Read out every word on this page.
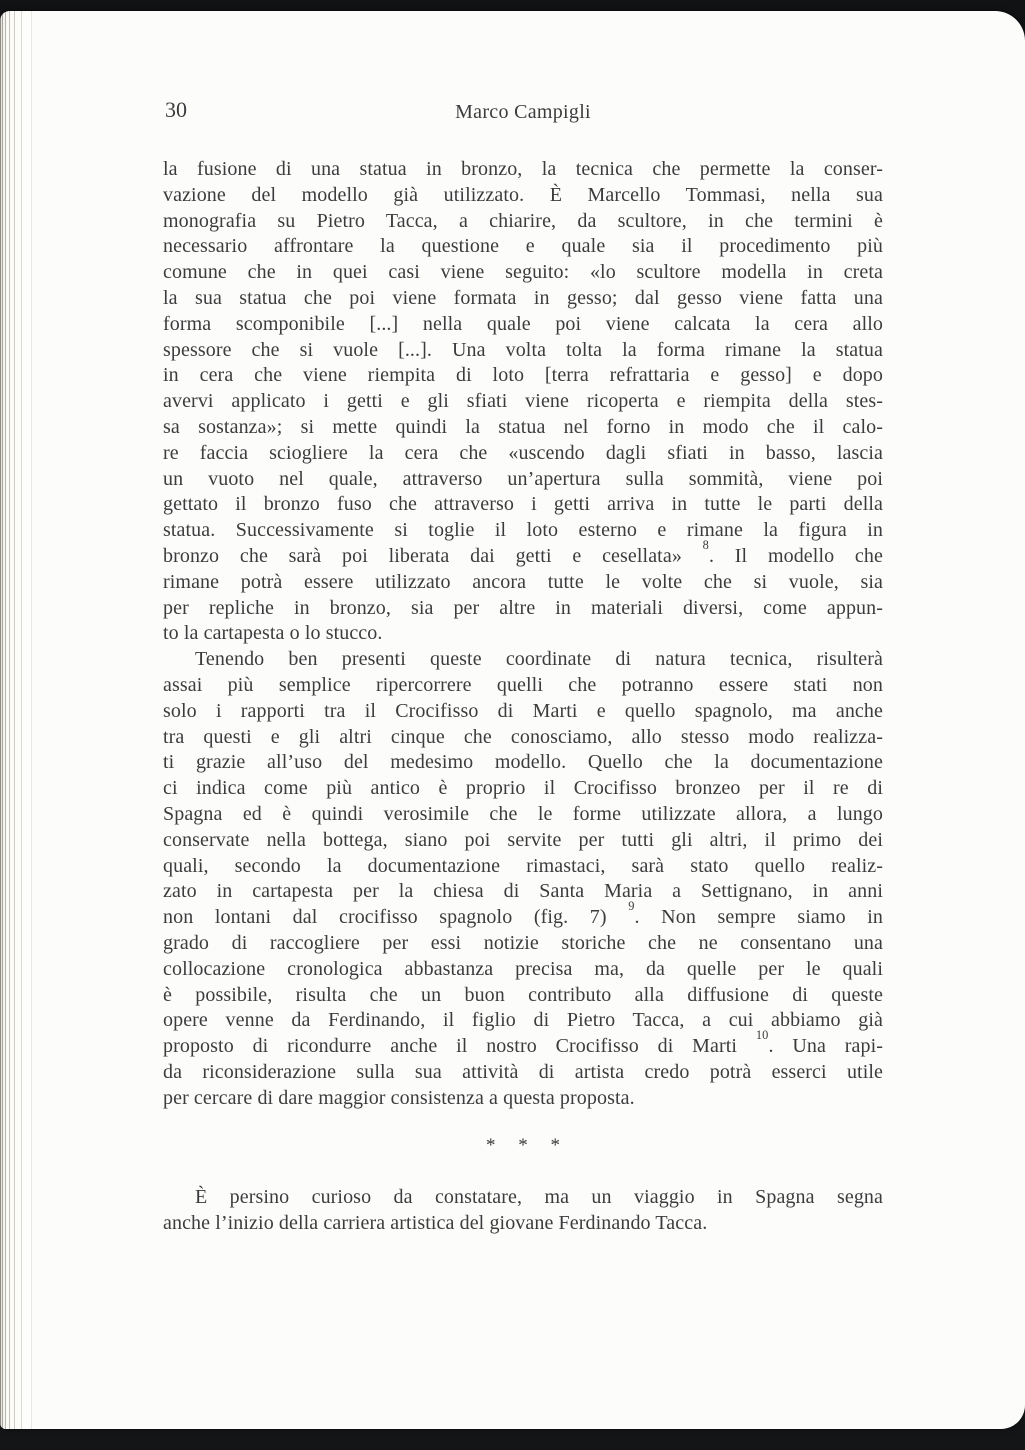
30	Marco Campigli
la fusione di una statua in bronzo, la tecnica che permette la conser-
vazione del modello già utilizzato. È Marcello Tommasi, nella sua
monografia su Pietro Tacca, a chiarire, da scultore, in che termini è
necessario affrontare la questione e quale sia il procedimento più
comune che in quei casi viene seguito: «lo scultore modella in creta
la sua statua che poi viene formata in gesso; dal gesso viene fatta una
forma scomponibile [...] nella quale poi viene calcata la cera allo
spessore che si vuole [...]. Una volta tolta la forma rimane la statua
in cera che viene riempita di loto [terra refrattaria e gesso] e dopo
avervi applicato i getti e gli sfiati viene ricoperta e riempita della stes-
sa sostanza»; si mette quindi la statua nel forno in modo che il calo-
re faccia sciogliere la cera che «uscendo dagli sfiati in basso, lascia
un vuoto nel quale, attraverso un’apertura sulla sommità, viene poi
gettato il bronzo fuso che attraverso i getti arriva in tutte le parti della
statua. Successivamente si toglie il loto esterno e rimane la figura in
bronzo che sarà poi liberata dai getti e cesellata» $^8$. Il modello che
rimane potrà essere utilizzato ancora tutte le volte che si vuole, sia
per repliche in bronzo, sia per altre in materiali diversi, come appun-
to la cartapesta o lo stucco.
Tenendo ben presenti queste coordinate di natura tecnica, risulterà
assai più semplice ripercorrere quelli che potranno essere stati non
solo i rapporti tra il Crocifisso di Marti e quello spagnolo, ma anche
tra questi e gli altri cinque che conosciamo, allo stesso modo realizza-
ti grazie all’uso del medesimo modello. Quello che la documentazione
ci indica come più antico è proprio il Crocifisso bronzeo per il re di
Spagna ed è quindi verosimile che le forme utilizzate allora, a lungo
conservate nella bottega, siano poi servite per tutti gli altri, il primo dei
quali, secondo la documentazione rimastaci, sarà stato quello realiz-
zato in cartapesta per la chiesa di Santa Maria a Settignano, in anni
non lontani dal crocifisso spagnolo (fig. 7) $^9$. Non sempre siamo in
grado di raccogliere per essi notizie storiche che ne consentano una
collocazione cronologica abbastanza precisa ma, da quelle per le quali
è possibile, risulta che un buon contributo alla diffusione di queste
opere venne da Ferdinando, il figlio di Pietro Tacca, a cui abbiamo già
proposto di ricondurre anche il nostro Crocifisso di Marti $^{10}$. Una rapi-
da riconsiderazione sulla sua attività di artista credo potrà esserci utile
per cercare di dare maggior consistenza a questa proposta.
* * *
È persino curioso da constatare, ma un viaggio in Spagna segna
anche l’inizio della carriera artistica del giovane Ferdinando Tacca.
